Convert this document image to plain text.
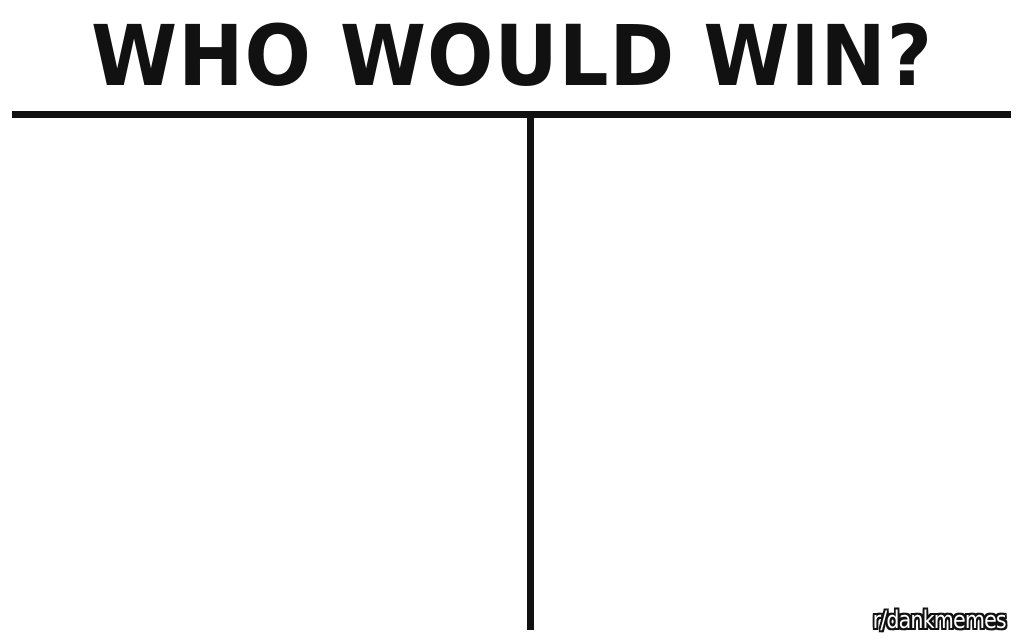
WHO WOULD WIN?
r/dankmemes
